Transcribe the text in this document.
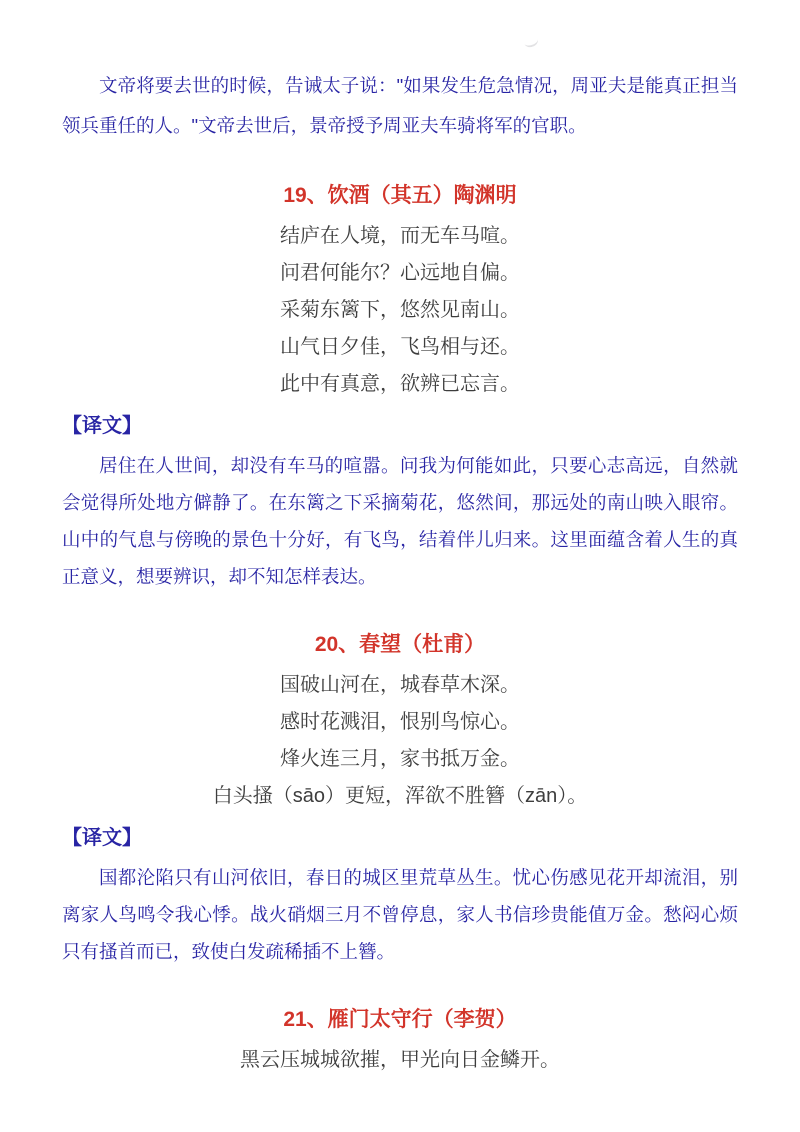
文帝将要去世的时候，告诫太子说："如果发生危急情况，周亚夫是能真正担当领兵重任的人。"文帝去世后，景帝授予周亚夫车骑将军的官职。

19、饮酒（其五）陶渊明
结庐在人境，而无车马喧。
问君何能尔？心远地自偏。
采菊东篱下，悠然见南山。
山气日夕佳，飞鸟相与还。
此中有真意，欲辨已忘言。
【译文】

居住在人世间，却没有车马的喧嚣。问我为何能如此，只要心志高远，自然就会觉得所处地方僻静了。在东篱之下采摘菊花，悠然间，那远处的南山映入眼帘。山中的气息与傍晚的景色十分好，有飞鸟，结着伴儿归来。这里面蕴含着人生的真正意义，想要辨识，却不知怎样表达。

20、春望（杜甫）
国破山河在，城春草木深。
感时花溅泪，恨别鸟惊心。
烽火连三月，家书抵万金。
白头搔（sāo）更短，浑欲不胜簪（zān）。
【译文】

国都沦陷只有山河依旧，春日的城区里荒草丛生。忧心伤感见花开却流泪，别离家人鸟鸣令我心悸。战火硝烟三月不曾停息，家人书信珍贵能值万金。愁闷心烦只有搔首而已，致使白发疏稀插不上簪。

21、雁门太守行（李贺）
黑云压城城欲摧，甲光向日金鳞开。
